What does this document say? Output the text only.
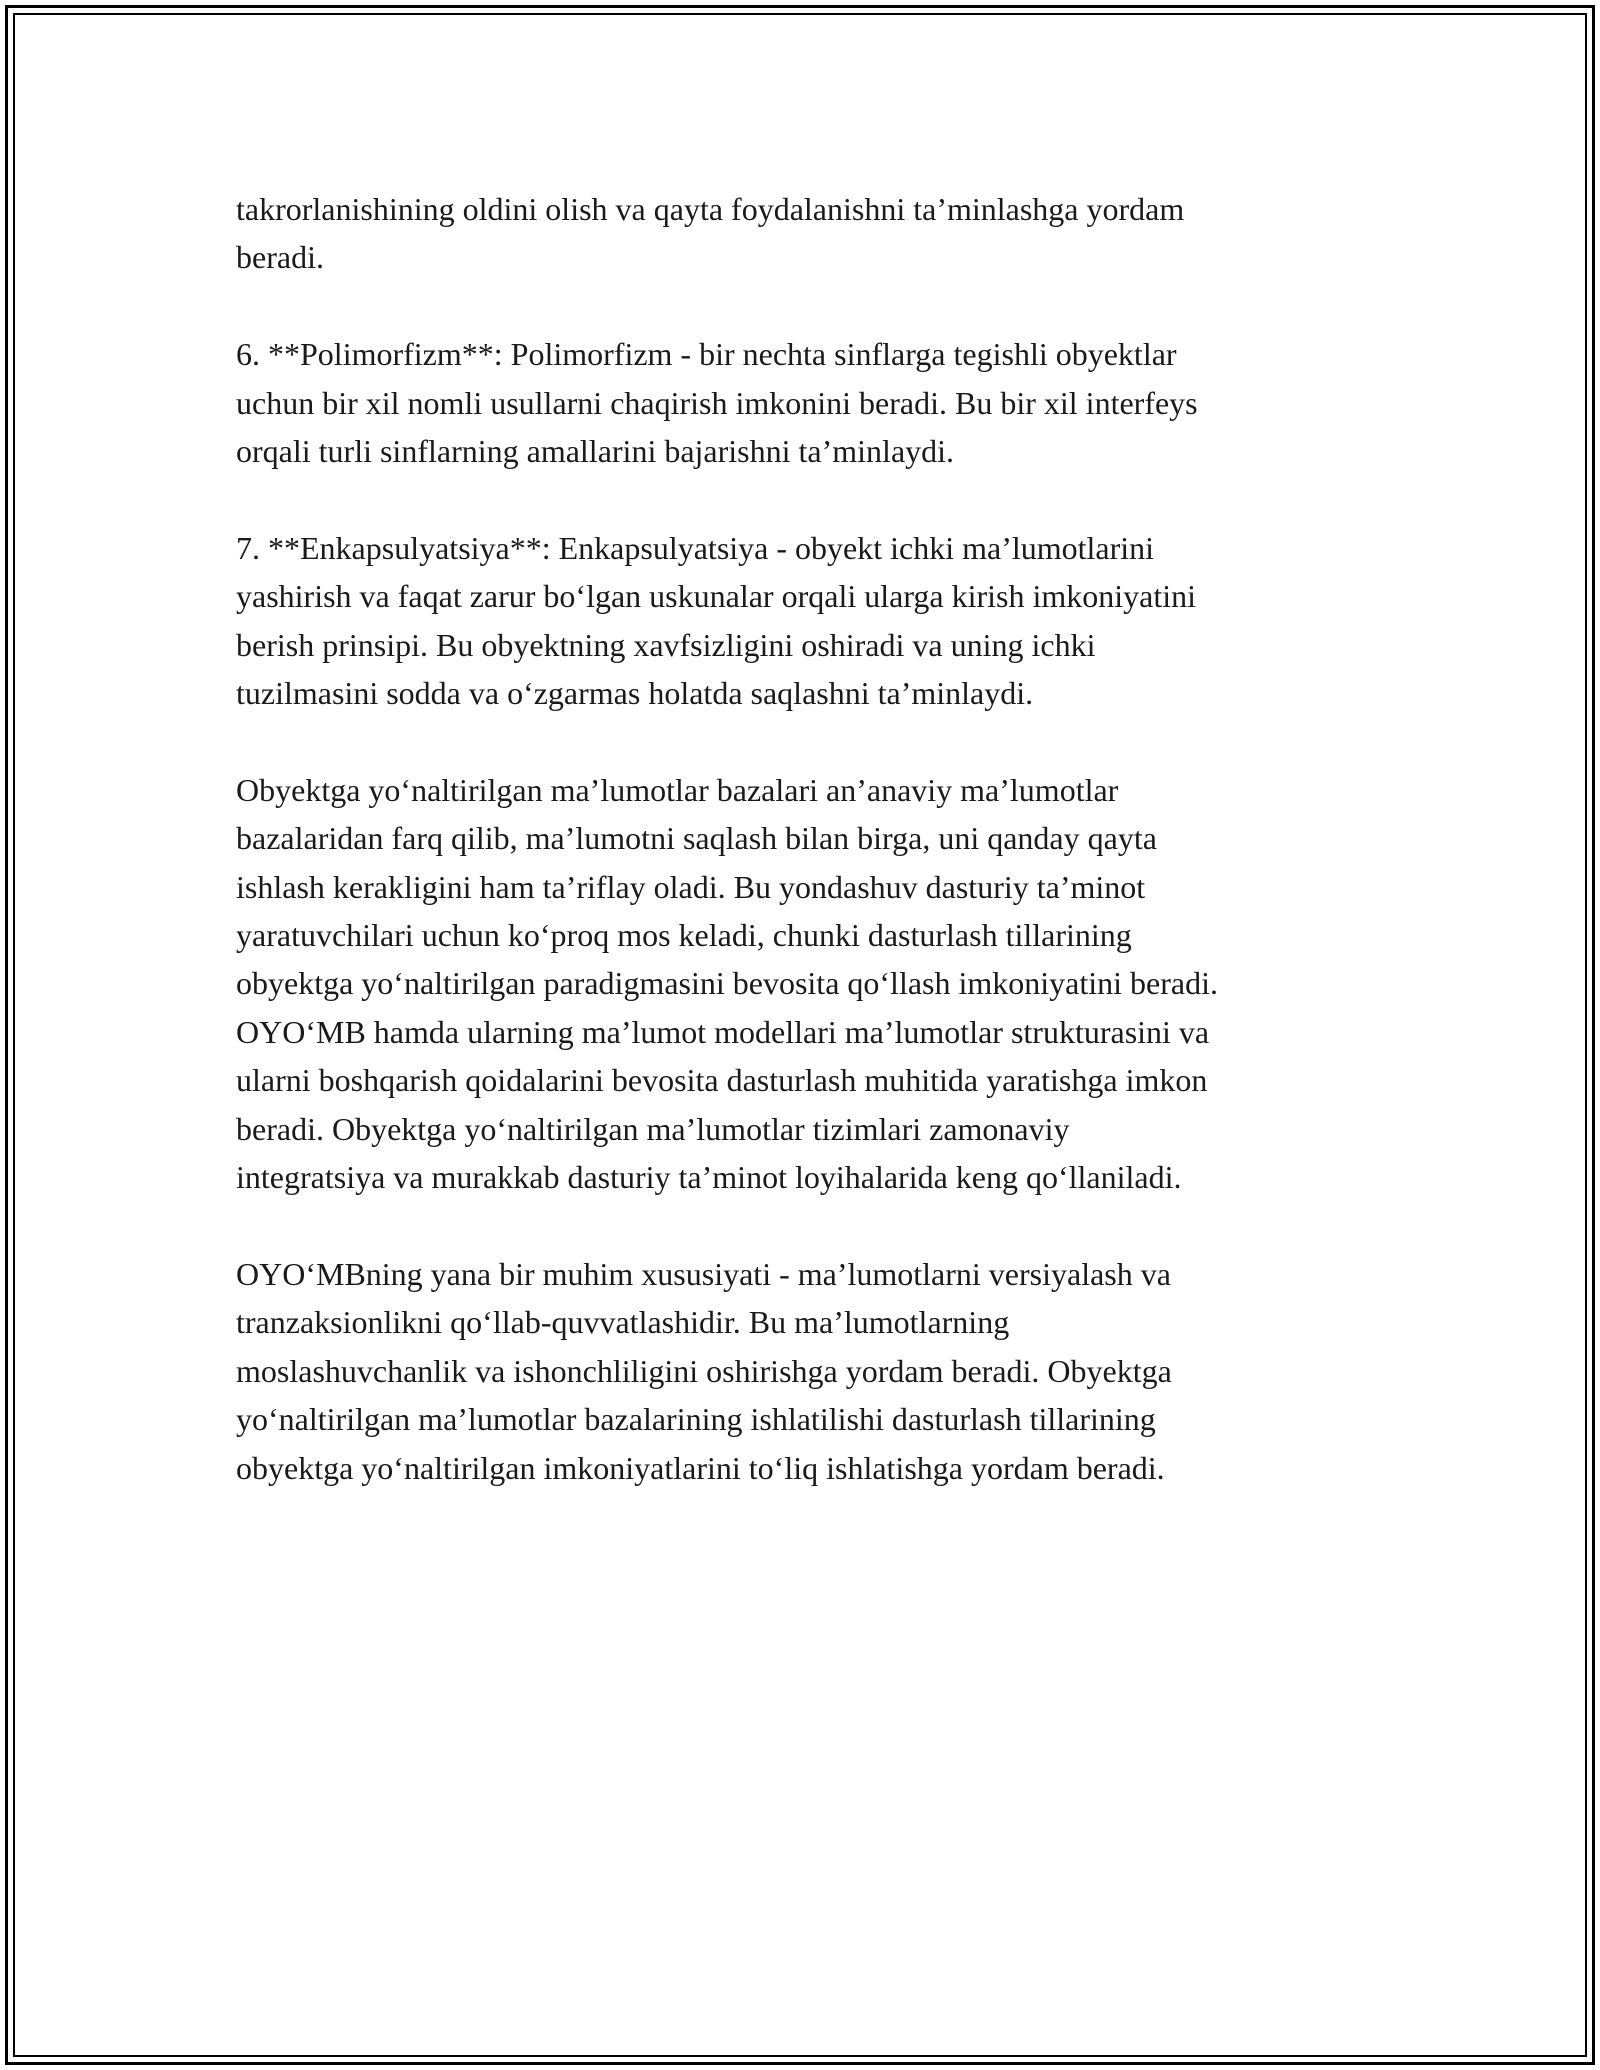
takrorlanishining oldini olish va qayta foydalanishni ta’minlashga yordam
beradi.

6. **Polimorfizm**: Polimorfizm - bir nechta sinflarga tegishli obyektlar
uchun bir xil nomli usullarni chaqirish imkonini beradi. Bu bir xil interfeys
orqali turli sinflarning amallarini bajarishni ta’minlaydi.

7. **Enkapsulyatsiya**: Enkapsulyatsiya - obyekt ichki ma’lumotlarini
yashirish va faqat zarur bo‘lgan uskunalar orqali ularga kirish imkoniyatini
berish prinsipi. Bu obyektning xavfsizligini oshiradi va uning ichki
tuzilmasini sodda va o‘zgarmas holatda saqlashni ta’minlaydi.

Obyektga yo‘naltirilgan ma’lumotlar bazalari an’anaviy ma’lumotlar
bazalaridan farq qilib, ma’lumotni saqlash bilan birga, uni qanday qayta
ishlash kerakligini ham ta’riflay oladi. Bu yondashuv dasturiy ta’minot
yaratuvchilari uchun ko‘proq mos keladi, chunki dasturlash tillarining
obyektga yo‘naltirilgan paradigmasini bevosita qo‘llash imkoniyatini beradi.
OYO‘MB hamda ularning ma’lumot modellari ma’lumotlar strukturasini va
ularni boshqarish qoidalarini bevosita dasturlash muhitida yaratishga imkon
beradi. Obyektga yo‘naltirilgan ma’lumotlar tizimlari zamonaviy
integratsiya va murakkab dasturiy ta’minot loyihalarida keng qo‘llaniladi.

OYO‘MBning yana bir muhim xususiyati - ma’lumotlarni versiyalash va
tranzaksionlikni qo‘llab-quvvatlashidir. Bu ma’lumotlarning
moslashuvchanlik va ishonchliligini oshirishga yordam beradi. Obyektga
yo‘naltirilgan ma’lumotlar bazalarining ishlatilishi dasturlash tillarining
obyektga yo‘naltirilgan imkoniyatlarini to‘liq ishlatishga yordam beradi.
